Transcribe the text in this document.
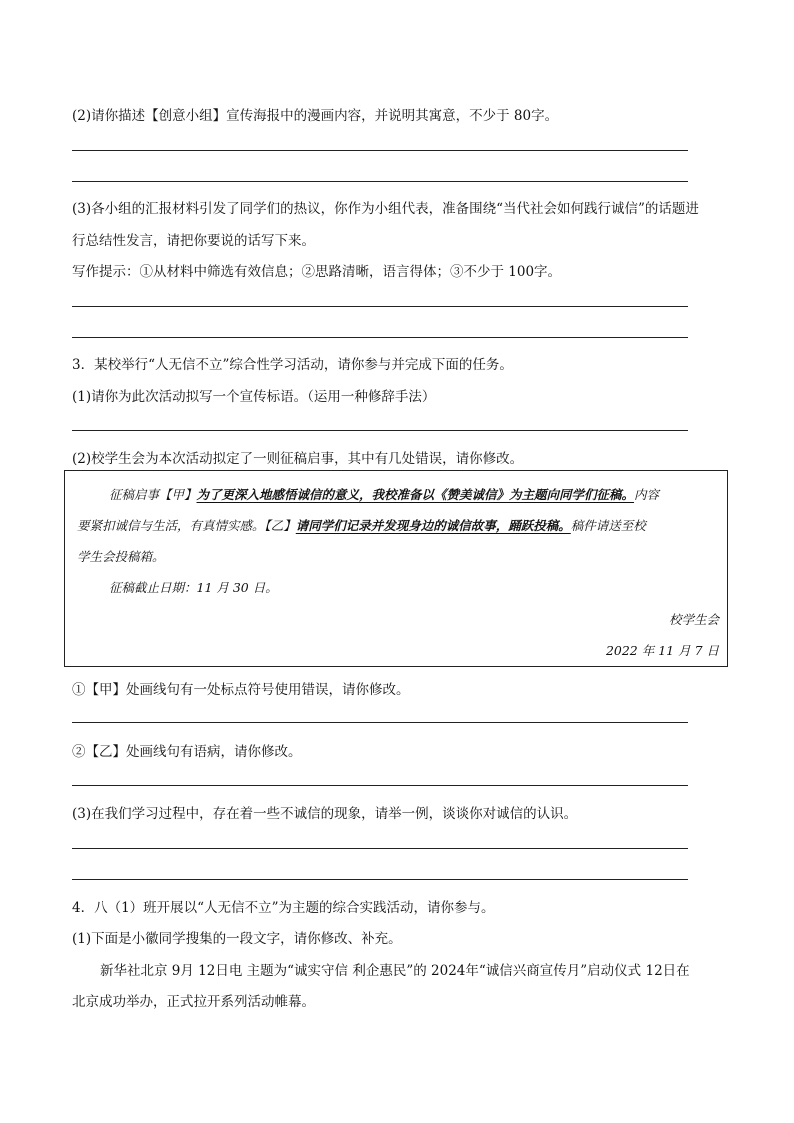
(2)请你描述【创意小组】宣传海报中的漫画内容，并说明其寓意，不少于 80字。
(3)各小组的汇报材料引发了同学们的热议，你作为小组代表，准备围绕“当代社会如何践行诚信”的话题进
行总结性发言，请把你要说的话写下来。
写作提示：①从材料中筛选有效信息；②思路清晰，语言得体；③不少于 100字。
3．某校举行“人无信不立”综合性学习活动，请你参与并完成下面的任务。
(1)请你为此次活动拟写一个宣传标语。（运用一种修辞手法）
(2)校学生会为本次活动拟定了一则征稿启事，其中有几处错误，请你修改。
征稿启事【甲】为了更深入地感悟诚信的意义，我校准备以《赞美诚信》为主题向同学们征稿。内容
要紧扣诚信与生活，有真情实感。【乙】请同学们记录并发现身边的诚信故事，踊跃投稿。稿件请送至校
学生会投稿箱。
征稿截止日期：11 月 30 日。
校学生会
2022 年 11 月 7 日
①【甲】处画线句有一处标点符号使用错误，请你修改。
②【乙】处画线句有语病，请你修改。
(3)在我们学习过程中，存在着一些不诚信的现象，请举一例，谈谈你对诚信的认识。
4．八（1）班开展以“人无信不立”为主题的综合实践活动，请你参与。
(1)下面是小徽同学搜集的一段文字，请你修改、补充。
新华社北京 9月 12日电 主题为“诚实守信 利企惠民”的 2024年“诚信兴商宣传月”启动仪式 12日在
北京成功举办，正式拉开系列活动帷幕。
